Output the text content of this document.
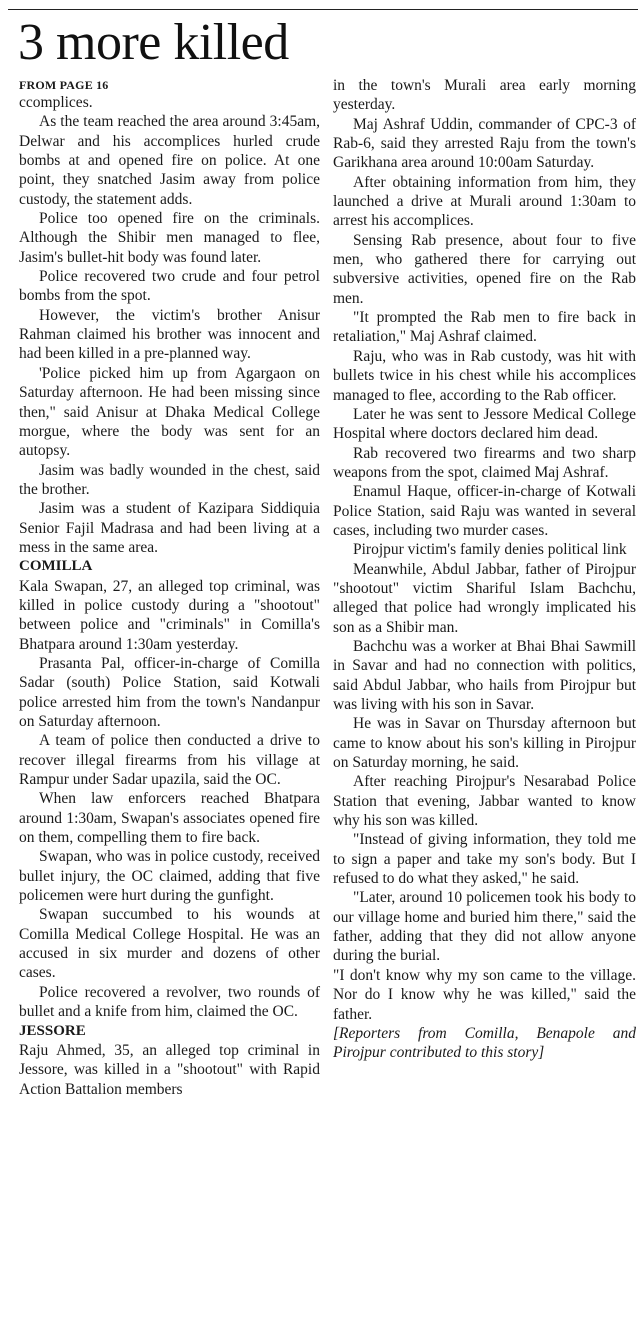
3 more killed

FROM PAGE 16

ccomplices.

As the team reached the area around 3:45am, Delwar and his accomplices hurled crude bombs at and opened fire on police. At one point, they snatched Jasim away from police custody, the statement adds.

Police too opened fire on the criminals. Although the Shibir men managed to flee, Jasim's bullet-hit body was found later.

Police recovered two crude and four petrol bombs from the spot.

However, the victim's brother Anisur Rahman claimed his brother was innocent and had been killed in a pre-planned way.

'Police picked him up from Agargaon on Saturday afternoon. He had been missing since then," said Anisur at Dhaka Medical College morgue, where the body was sent for an autopsy.

Jasim was badly wounded in the chest, said the brother.

Jasim was a student of Kazipara Siddiquia Senior Fajil Madrasa and had been living at a mess in the same area.

COMILLA

Kala Swapan, 27, an alleged top criminal, was killed in police custody during a "shootout" between police and "criminals" in Comilla's Bhatpara around 1:30am yesterday.

Prasanta Pal, officer-in-charge of Comilla Sadar (south) Police Station, said Kotwali police arrested him from the town's Nandanpur on Saturday afternoon.

A team of police then conducted a drive to recover illegal firearms from his village at Rampur under Sadar upazila, said the OC.

When law enforcers reached Bhatpara around 1:30am, Swapan's associates opened fire on them, compelling them to fire back.

Swapan, who was in police custody, received bullet injury, the OC claimed, adding that five policemen were hurt during the gunfight.

Swapan succumbed to his wounds at Comilla Medical College Hospital. He was an accused in six murder and dozens of other cases.

Police recovered a revolver, two rounds of bullet and a knife from him, claimed the OC.

JESSORE

Raju Ahmed, 35, an alleged top criminal in Jessore, was killed in a "shootout" with Rapid Action Battalion members

in the town's Murali area early morning yesterday.

Maj Ashraf Uddin, commander of CPC-3 of Rab-6, said they arrested Raju from the town's Garikhana area around 10:00am Saturday.

After obtaining information from him, they launched a drive at Murali around 1:30am to arrest his accomplices.

Sensing Rab presence, about four to five men, who gathered there for carrying out subversive activities, opened fire on the Rab men.

"It prompted the Rab men to fire back in retaliation," Maj Ashraf claimed.

Raju, who was in Rab custody, was hit with bullets twice in his chest while his accomplices managed to flee, according to the Rab officer.

Later he was sent to Jessore Medical College Hospital where doctors declared him dead.

Rab recovered two firearms and two sharp weapons from the spot, claimed Maj Ashraf.

Enamul Haque, officer-in-charge of Kotwali Police Station, said Raju was wanted in several cases, including two murder cases.

Pirojpur victim's family denies political link

Meanwhile, Abdul Jabbar, father of Pirojpur "shootout" victim Shariful Islam Bachchu, alleged that police had wrongly implicated his son as a Shibir man.

Bachchu was a worker at Bhai Bhai Sawmill in Savar and had no connection with politics, said Abdul Jabbar, who hails from Pirojpur but was living with his son in Savar.

He was in Savar on Thursday afternoon but came to know about his son's killing in Pirojpur on Saturday morning, he said.

After reaching Pirojpur's Nesarabad Police Station that evening, Jabbar wanted to know why his son was killed.

"Instead of giving information, they told me to sign a paper and take my son's body. But I refused to do what they asked," he said.

"Later, around 10 policemen took his body to our village home and buried him there," said the father, adding that they did not allow anyone during the burial.

"I don't know why my son came to the village. Nor do I know why he was killed," said the father.

[Reporters from Comilla, Benapole and Pirojpur contributed to this story]
